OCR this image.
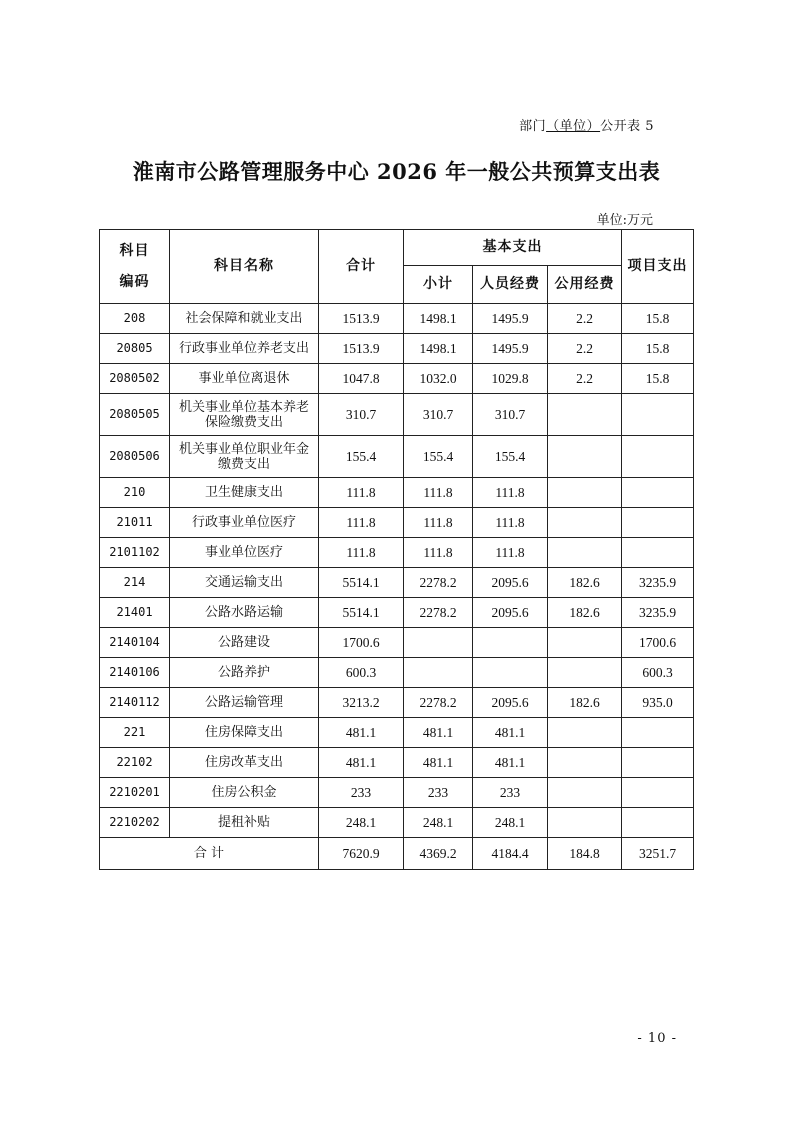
部门（单位）公开表 5
淮南市公路管理服务中心 2026 年一般公共预算支出表
单位:万元
科目
编码	科目名称	合计	基本支出			项目支出
			小计	人员经费	公用经费	
208	社会保障和就业支出	1513.9	1498.1	1495.9	2.2	15.8
20805	行政事业单位养老支出	1513.9	1498.1	1495.9	2.2	15.8
2080502	事业单位离退休	1047.8	1032.0	1029.8	2.2	15.8
2080505	机关事业单位基本养老保险缴费支出	310.7	310.7	310.7		
2080506	机关事业单位职业年金缴费支出	155.4	155.4	155.4		
210	卫生健康支出	111.8	111.8	111.8		
21011	行政事业单位医疗	111.8	111.8	111.8		
2101102	事业单位医疗	111.8	111.8	111.8		
214	交通运输支出	5514.1	2278.2	2095.6	182.6	3235.9
21401	公路水路运输	5514.1	2278.2	2095.6	182.6	3235.9
2140104	公路建设	1700.6				1700.6
2140106	公路养护	600.3				600.3
2140112	公路运输管理	3213.2	2278.2	2095.6	182.6	935.0
221	住房保障支出	481.1	481.1	481.1		
22102	住房改革支出	481.1	481.1	481.1		
2210201	住房公积金	233	233	233		
2210202	提租补贴	248.1	248.1	248.1		
合 计		7620.9	4369.2	4184.4	184.8	3251.7
- 10 -
